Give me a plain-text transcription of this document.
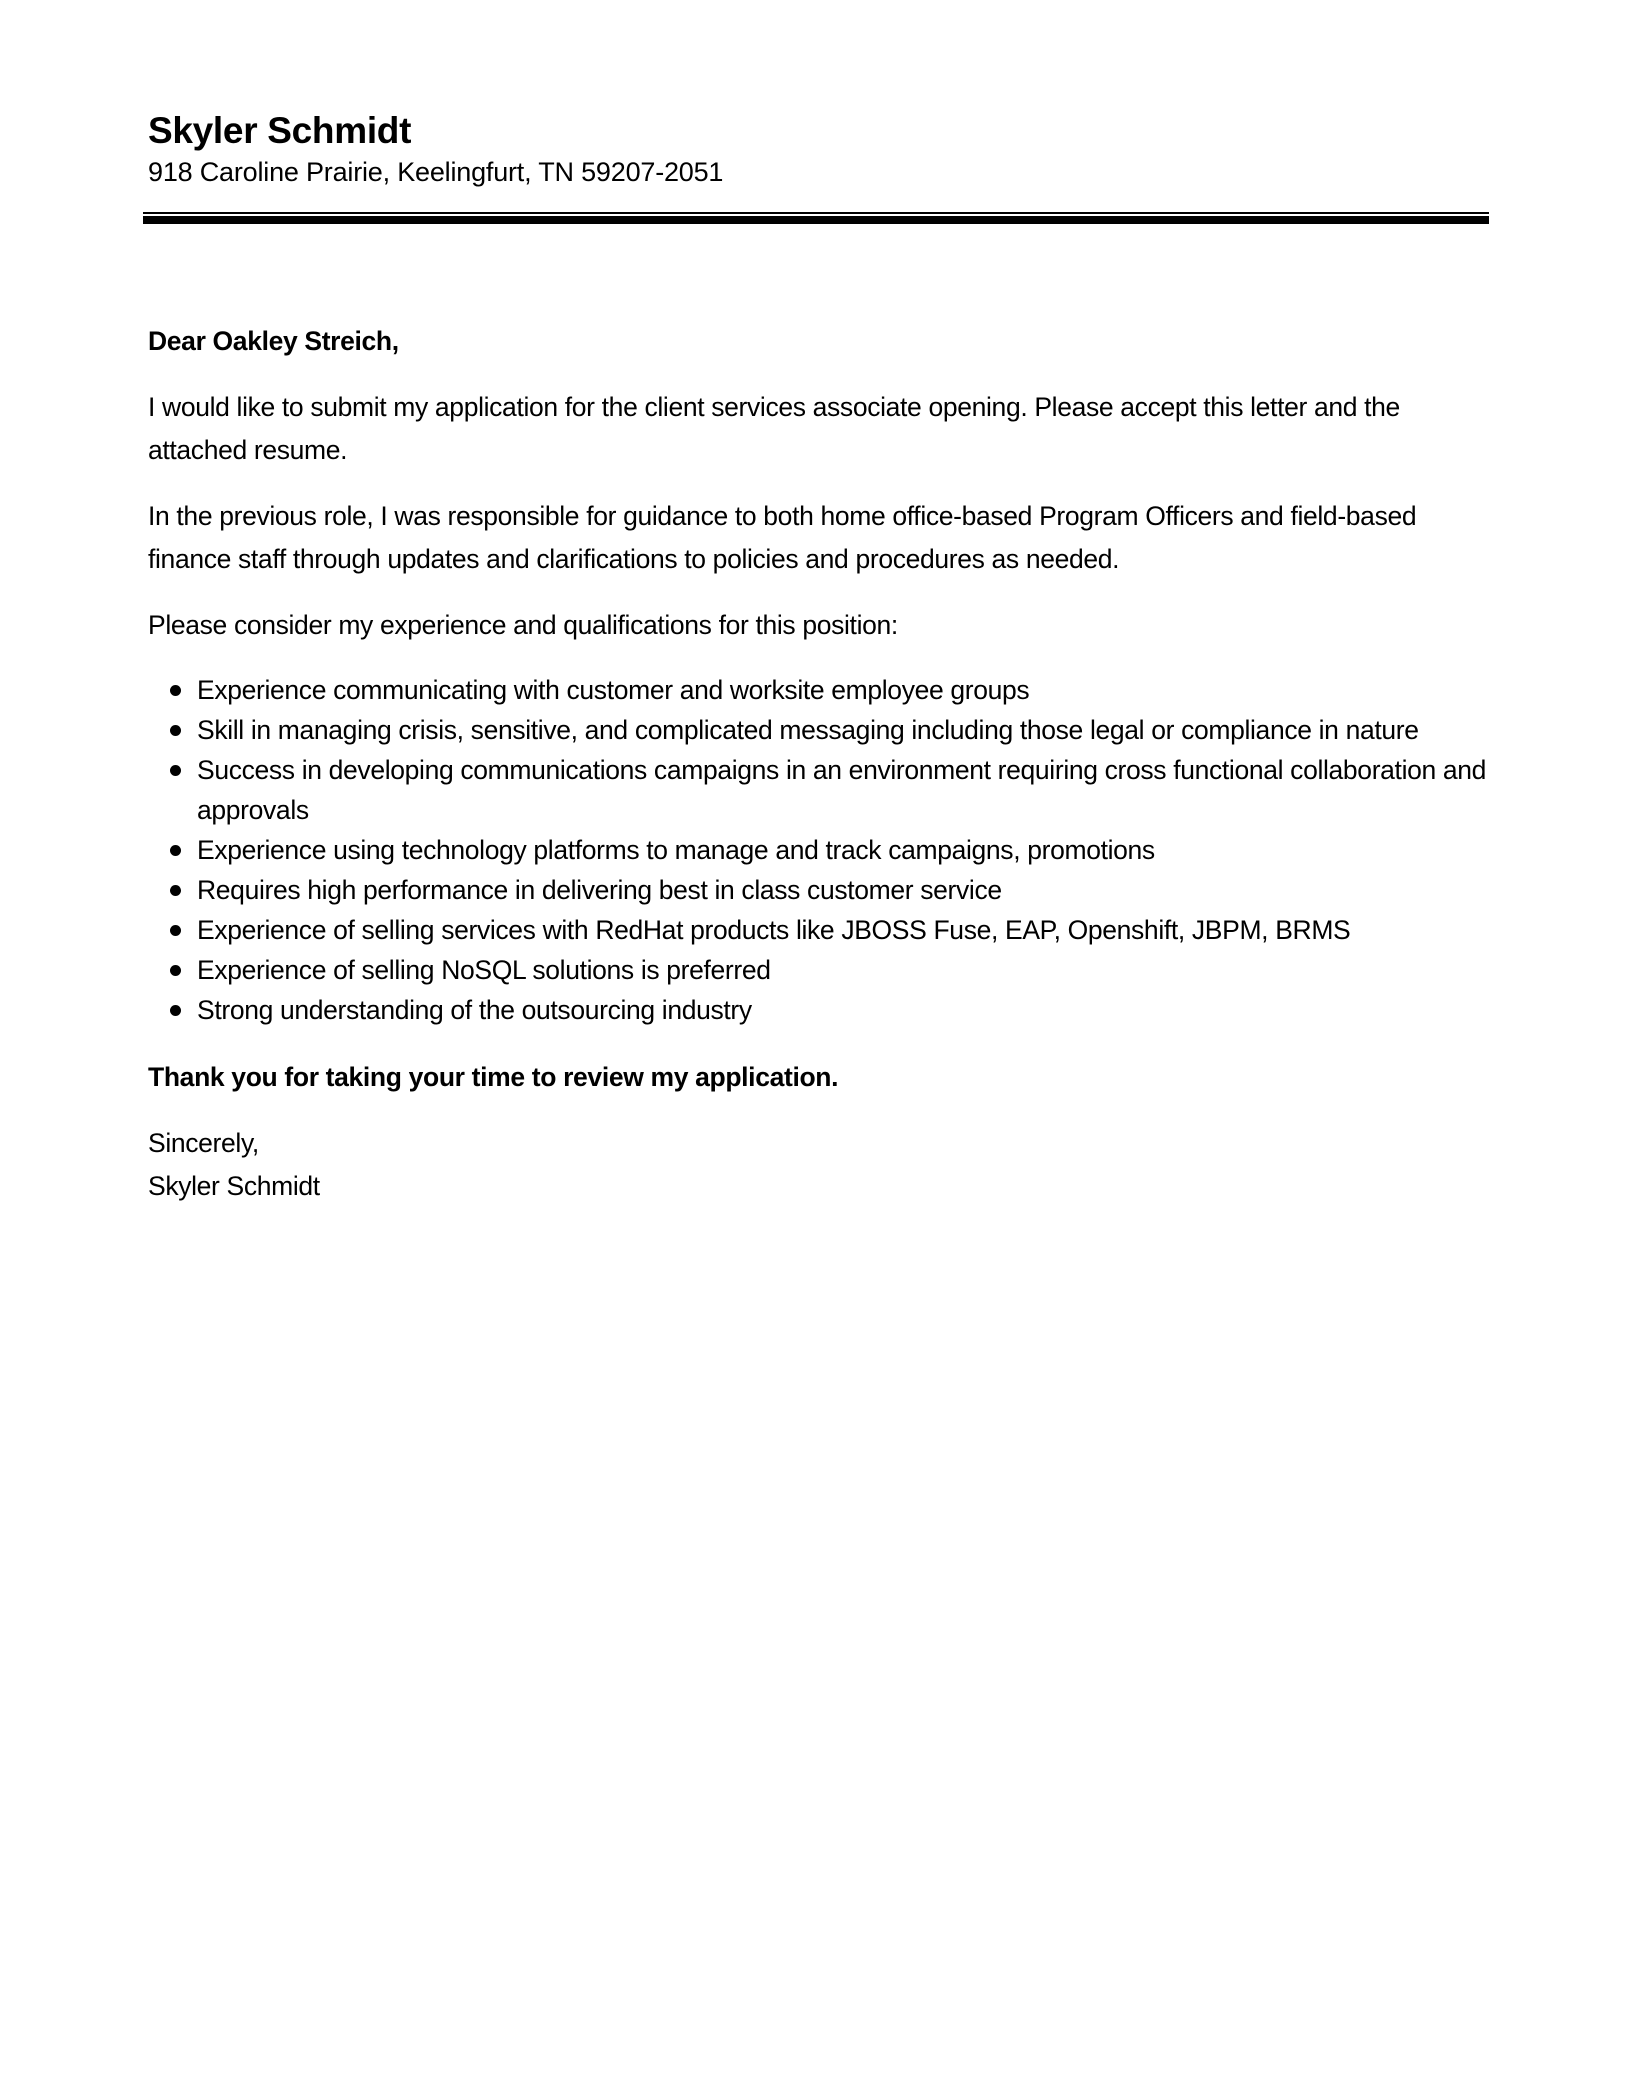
Skyler Schmidt
918 Caroline Prairie, Keelingfurt, TN 59207-2051

Dear Oakley Streich,

I would like to submit my application for the client services associate opening. Please accept this letter and the attached resume.

In the previous role, I was responsible for guidance to both home office-based Program Officers and field-based finance staff through updates and clarifications to policies and procedures as needed.

Please consider my experience and qualifications for this position:

Experience communicating with customer and worksite employee groups
Skill in managing crisis, sensitive, and complicated messaging including those legal or compliance in nature
Success in developing communications campaigns in an environment requiring cross functional collaboration and approvals
Experience using technology platforms to manage and track campaigns, promotions
Requires high performance in delivering best in class customer service
Experience of selling services with RedHat products like JBOSS Fuse, EAP, Openshift, JBPM, BRMS
Experience of selling NoSQL solutions is preferred
Strong understanding of the outsourcing industry

Thank you for taking your time to review my application.

Sincerely,

Skyler Schmidt
